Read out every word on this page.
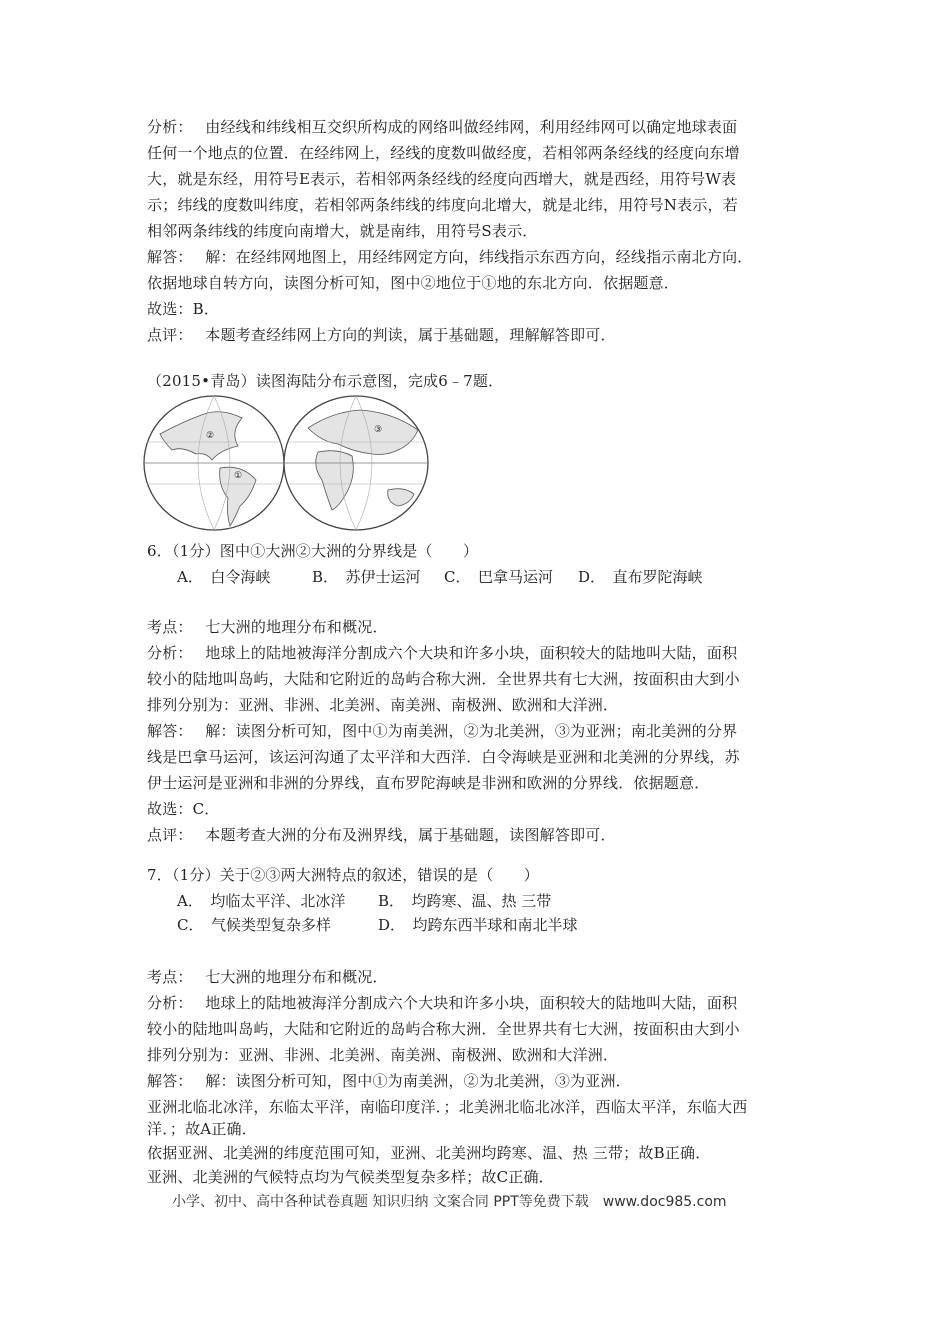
分析：　 由经线和纬线相互交织所构成的网络叫做经纬网，利用经纬网可以确定地球表面
任何一个地点的位置．在经纬网上，经线的度数叫做经度，若相邻两条经线的经度向东增
大，就是东经，用符号E表示，若相邻两条经线的经度向西增大，就是西经，用符号W表
示；纬线的度数叫纬度，若相邻两条纬线的纬度向北增大，就是北纬，用符号N表示，若
相邻两条纬线的纬度向南增大，就是南纬，用符号S表示．
解答：　 解：在经纬网地图上，用经纬网定方向，纬线指示东西方向，经线指示南北方向．
依据地球自转方向，读图分析可知，图中②地位于①地的东北方向．依据题意．
故选：B．
点评：　 本题考查经纬网上方向的判读，属于基础题，理解解答即可．
（2015•青岛）读图海陆分布示意图，完成6﹣7题．
①
②
③
6．（1分）图中①大洲②大洲的分界线是（　　）
A．　白令海峡	B．　苏伊士运河 C．　巴拿马运河 D．　直布罗陀海峡
考点：　 七大洲的地理分布和概况．
分析：　 地球上的陆地被海洋分割成六个大块和许多小块，面积较大的陆地叫大陆，面积
较小的陆地叫岛屿，大陆和它附近的岛屿合称大洲．全世界共有七大洲，按面积由大到小
排列分别为：亚洲、非洲、北美洲、南美洲、南极洲、欧洲和大洋洲．
解答：　 解：读图分析可知，图中①为南美洲，②为北美洲，③为亚洲；南北美洲的分界
线是巴拿马运河，该运河沟通了太平洋和大西洋．白令海峡是亚洲和北美洲的分界线，苏
伊士运河是亚洲和非洲的分界线，直布罗陀海峡是非洲和欧洲的分界线．依据题意．
故选：C．
点评：　 本题考查大洲的分布及洲界线，属于基础题，读图解答即可．
7．（1分）关于②③两大洲特点的叙述，错误的是（　　）
A．　均临太平洋、北冰洋 B．　均跨寒、温、热 三带
C．　气候类型复杂多样	D．　均跨东西半球和南北半球
考点：　 七大洲的地理分布和概况．
分析：　 地球上的陆地被海洋分割成六个大块和许多小块，面积较大的陆地叫大陆，面积
较小的陆地叫岛屿，大陆和它附近的岛屿合称大洲．全世界共有七大洲，按面积由大到小
排列分别为：亚洲、非洲、北美洲、南美洲、南极洲、欧洲和大洋洲．
解答：　 解：读图分析可知，图中①为南美洲，②为北美洲，③为亚洲．
亚洲北临北冰洋，东临太平洋，南临印度洋．；北美洲北临北冰洋，西临太平洋，东临大西
洋．；故A正确．
依据亚洲、北美洲的纬度范围可知，亚洲、北美洲均跨寒、温、热 三带；故B正确．
亚洲、北美洲的气候特点均为气候类型复杂多样；故C正确．
小学、初中、高中各种试卷真题 知识归纳 文案合同 PPT等免费下载　www.doc985.com
